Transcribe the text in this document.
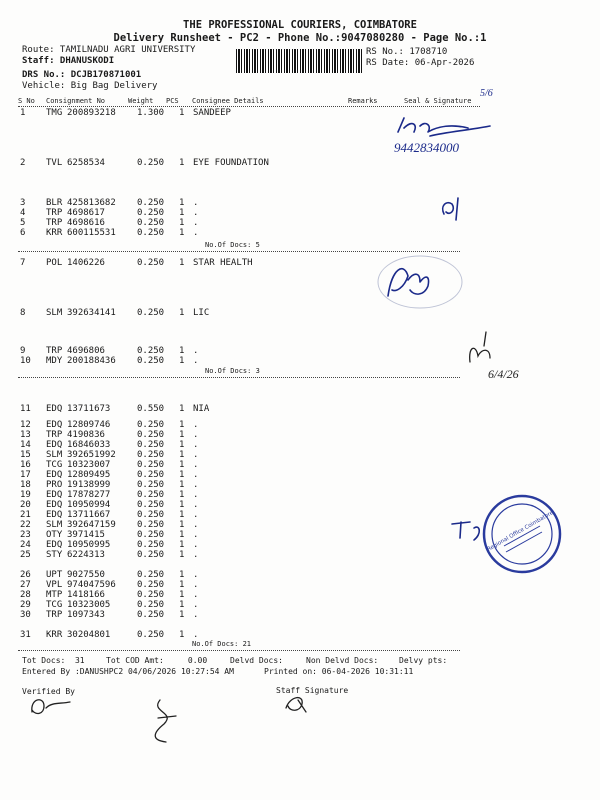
THE PROFESSIONAL COURIERS, COIMBATORE
Delivery Runsheet - PC2 - Phone No.:9047080280 - Page No.:1
Route: TAMILNADU AGRI UNIVERSITY
Staff: DHANUSKODI
DRS No.: DCJB170871001
Vehicle: Big Bag Delivery
RS No.: 1708710
RS Date: 06-Apr-2026
S No Consignment No	Weight PCS Consignee Details	Remarks	Seal & Signature
1 TMG 200893218 1.300 1 SANDEEP
2 TVL 6258534	0.250 1 EYE FOUNDATION
3 BLR 425813682 0.250 1 .
4 TRP 4698617	0.250 1 .
5 TRP 4698616	0.250 1 .
6 KRR 600115531 0.250 1 .
7 POL 1406226	0.250 1 STAR HEALTH
8 SLM 392634141 0.250 1 LIC
9 TRP 4696806	0.250 1 .
10 MDY 200188436 0.250 1 .
11 EDQ 13711673	0.550 1 NIA
12 EDQ 12809746	0.250 1 .
13 TRP 4190836	0.250 1 .
14 EDQ 16846033	0.250 1 .
15 SLM 392651992 0.250 1 .
16 TCG 10323007	0.250 1 .
17 EDQ 12809495	0.250 1 .
18 PRO 19138999	0.250 1 .
19 EDQ 17878277	0.250 1 .
20 EDQ 10950994	0.250 1 .
21 EDQ 13711667	0.250 1 .
22 SLM 392647159 0.250 1 .
23 OTY 3971415	0.250 1 .
24 EDQ 10950995	0.250 1 .
25 STY 6224313	0.250 1 .
26 UPT 9027550	0.250 1 .
27 VPL 974047596 0.250 1 .
28 MTP 1418166	0.250 1 .
29 TCG 10323005	0.250 1 .
30 TRP 1097343	0.250 1 .
31 KRR 30204801	0.250 1 .
No.Of Docs: 5
No.Of Docs: 3
No.Of Docs: 21
Tot Docs:  31	Tot COD Amt:     0.00	Delvd Docs:	Non Delvd Docs:	Delvy pts:
Entered By :DANUSHPC2 04/06/2026 10:27:54 AM	Printed on: 06-04-2026 10:31:11
Verified By	Staff Signature
5/6
9442834000
6/4/26
Regional Office Coimbatore
